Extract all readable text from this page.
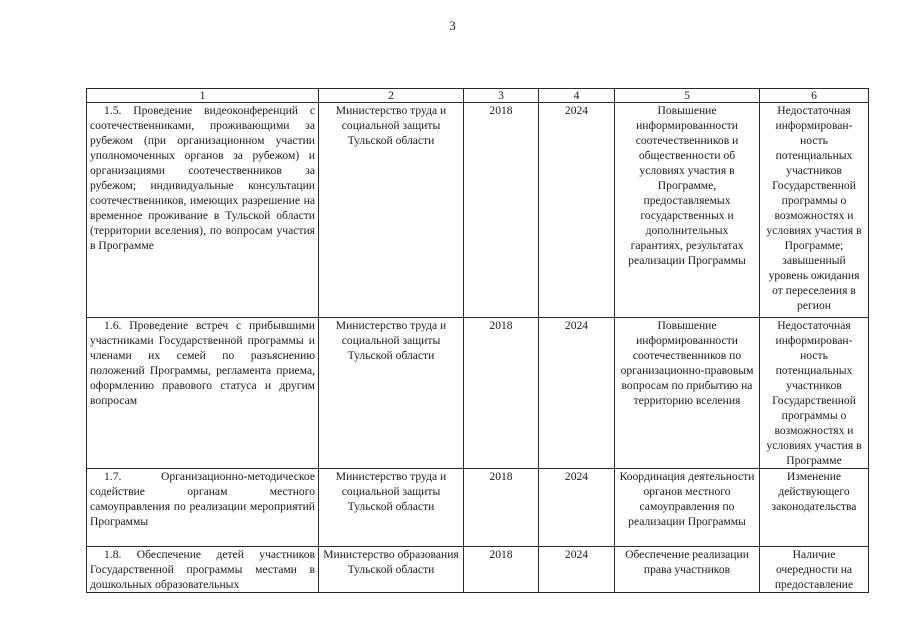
3
1	2	3	4	5	6
1.5. Проведение видеоконференций с соотечественниками, проживающими за рубежом (при организационном участии уполномоченных органов за рубежом) и организациями соотечественников за рубежом; индивидуальные консультации соотечественников, имеющих разрешение на временное проживание в Тульской области (территории вселения), по вопросам участия в Программе	Министерство труда и социальной защиты Тульской области	2018	2024	Повышение информированности соотечественников и общественности об условиях участия в Программе, предоставляемых государственных и дополнительных гарантиях, результатах реализации Программы	Недостаточная информирован-ность потенциальных участников Государственной программы о возможностях и условиях участия в Программе; завышенный уровень ожидания от переселения в регион
1.6. Проведение встреч с прибывшими участниками Государственной программы и членами их семей по разъяснению положений Программы, регламента приема, оформлению правового статуса и другим вопросам	Министерство труда и социальной защиты Тульской области	2018	2024	Повышение информированности соотечественников по организационно-правовым вопросам по прибытию на территорию вселения	Недостаточная информирован-ность потенциальных участников Государственной программы о возможностях и условиях участия в Программе
1.7. Организационно-методическое содействие органам местного самоуправления по реализации мероприятий Программы	Министерство труда и социальной защиты Тульской области	2018	2024	Координация деятельности органов местного самоуправления по реализации Программы	Изменение действующего законодательства
1.8. Обеспечение детей участников Государственной программы местами в дошкольных образовательных	Министерство образования Тульской области	2018	2024	Обеспечение реализации права участников	Наличие очередности на предоставление
